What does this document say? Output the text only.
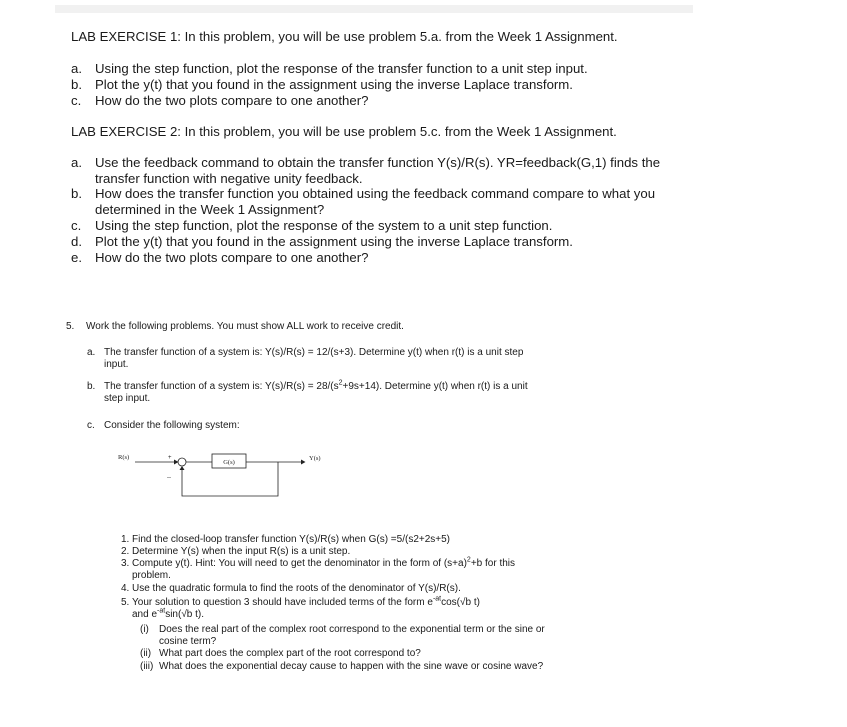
LAB EXERCISE 1: In this problem, you will be use problem 5.a. from the Week 1 Assignment.
a. Using the step function, plot the response of the transfer function to a unit step input.
b. Plot the y(t) that you found in the assignment using the inverse Laplace transform.
c. How do the two plots compare to one another?
LAB EXERCISE 2: In this problem, you will be use problem 5.c. from the Week 1 Assignment.
a. Use the feedback command to obtain the transfer function Y(s)/R(s). YR=feedback(G,1) finds the transfer function with negative unity feedback.
b. How does the transfer function you obtained using the feedback command compare to what you determined in the Week 1 Assignment?
c. Using the step function, plot the response of the system to a unit step function.
d. Plot the y(t) that you found in the assignment using the inverse Laplace transform.
e. How do the two plots compare to one another?
5. Work the following problems. You must show ALL work to receive credit.
a. The transfer function of a system is: Y(s)/R(s) = 12/(s+3). Determine y(t) when r(t) is a unit step input.
b. The transfer function of a system is: $Y(s)/R(s) = 28/(s^2+9s+14)$. Determine y(t) when r(t) is a unit step input.
c. Consider the following system:
R(s)	+
G(s)
Y(s)
--
1. Find the closed-loop transfer function Y(s)/R(s) when G(s) =5/(s2+2s+5)
2. Determine Y(s) when the input R(s) is a unit step.
3. Compute y(t). Hint: You will need to get the denominator in the form of $(s+a)^2+b$ for this problem.
4. Use the quadratic formula to find the roots of the denominator of Y(s)/R(s).
5. Your solution to question 3 should have included terms of the form $e^{-at}\cos(√b$ t)
and $e^{-at}\sin(√b$ t).
(i) Does the real part of the complex root correspond to the exponential term or the sine or cosine term?
(ii) What part does the complex part of the root correspond to?
(iii) What does the exponential decay cause to happen with the sine wave or cosine wave?
